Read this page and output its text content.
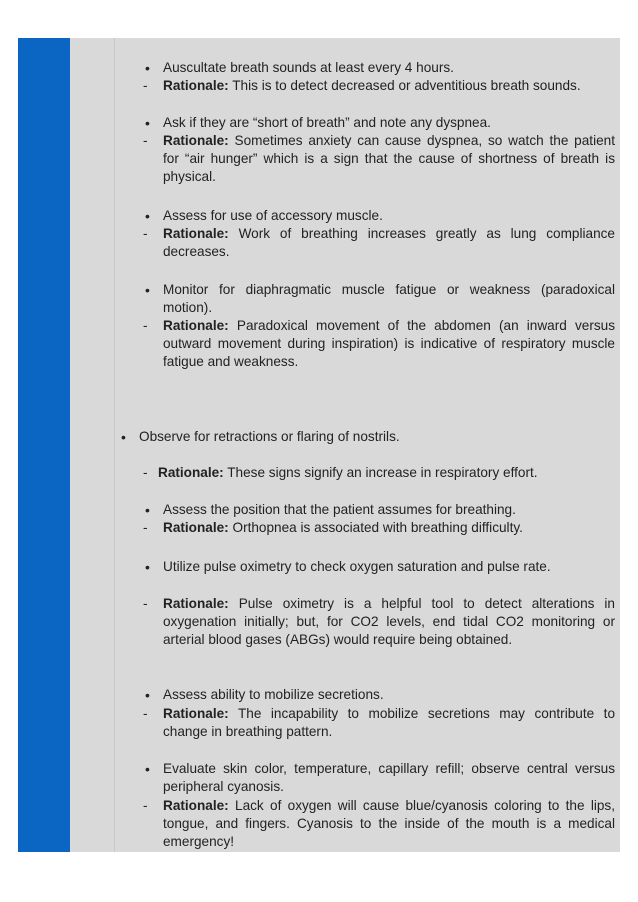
• Auscultate breath sounds at least every 4 hours.
- Rationale: This is to detect decreased or adventitious breath sounds.
• Ask if they are “short of breath” and note any dyspnea.
- Rationale: Sometimes anxiety can cause dyspnea, so watch the patient for “air hunger” which is a sign that the cause of shortness of breath is physical.
• Assess for use of accessory muscle.
- Rationale: Work of breathing increases greatly as lung compliance decreases.
• Monitor for diaphragmatic muscle fatigue or weakness (paradoxical motion).
- Rationale: Paradoxical movement of the abdomen (an inward versus outward movement during inspiration) is indicative of respiratory muscle fatigue and weakness.
• Observe for retractions or flaring of nostrils.
- Rationale: These signs signify an increase in respiratory effort.
• Assess the position that the patient assumes for breathing.
- Rationale: Orthopnea is associated with breathing difficulty.
• Utilize pulse oximetry to check oxygen saturation and pulse rate.
- Rationale: Pulse oximetry is a helpful tool to detect alterations in oxygenation initially; but, for CO2 levels, end tidal CO2 monitoring or arterial blood gases (ABGs) would require being obtained.
• Assess ability to mobilize secretions.
- Rationale: The incapability to mobilize secretions may contribute to change in breathing pattern.
• Evaluate skin color, temperature, capillary refill; observe central versus peripheral cyanosis.
- Rationale: Lack of oxygen will cause blue/cyanosis coloring to the lips, tongue, and fingers. Cyanosis to the inside of the mouth is a medical emergency!
